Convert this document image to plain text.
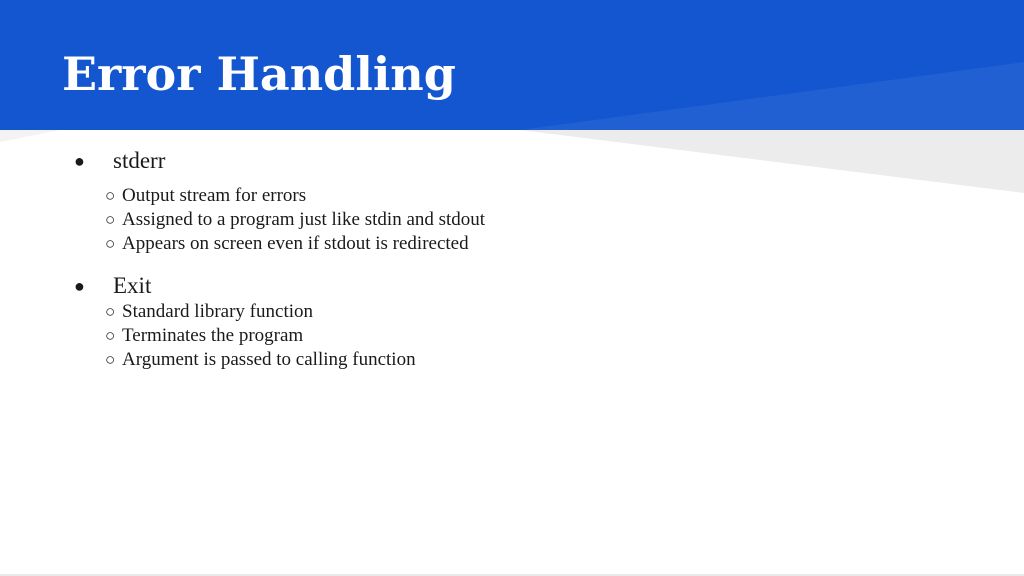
Error Handling
● stderr
○ Output stream for errors
○ Assigned to a program just like stdin and stdout
○ Appears on screen even if stdout is redirected
● Exit
○ Standard library function
○ Terminates the program
○ Argument is passed to calling function
